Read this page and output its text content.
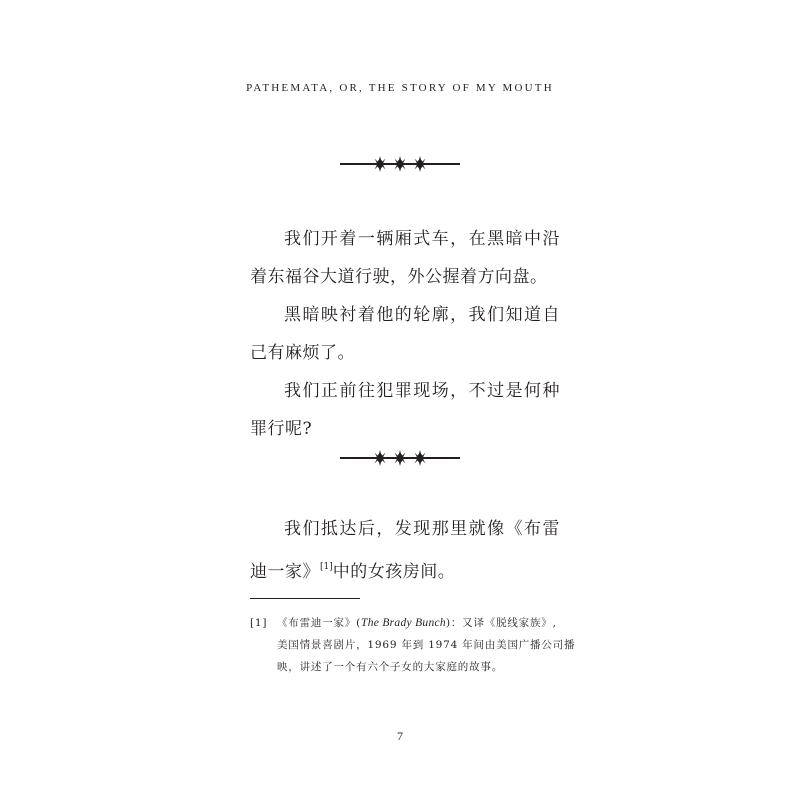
PATHEMATA, OR, THE STORY OF MY MOUTH

我们开着一辆厢式车，在黑暗中沿着东福谷大道行驶，外公握着方向盘。

黑暗映衬着他的轮廓，我们知道自己有麻烦了。

我们正前往犯罪现场，不过是何种罪行呢?

我们抵达后，发现那里就像《布雷迪一家》[1]中的女孩房间。

[1] 《布雷迪一家》(The Brady Bunch)：又译《脱线家族》,
美国情景喜剧片，1969 年到 1974 年间由美国广播公司播
映，讲述了一个有六个子女的大家庭的故事。
7
